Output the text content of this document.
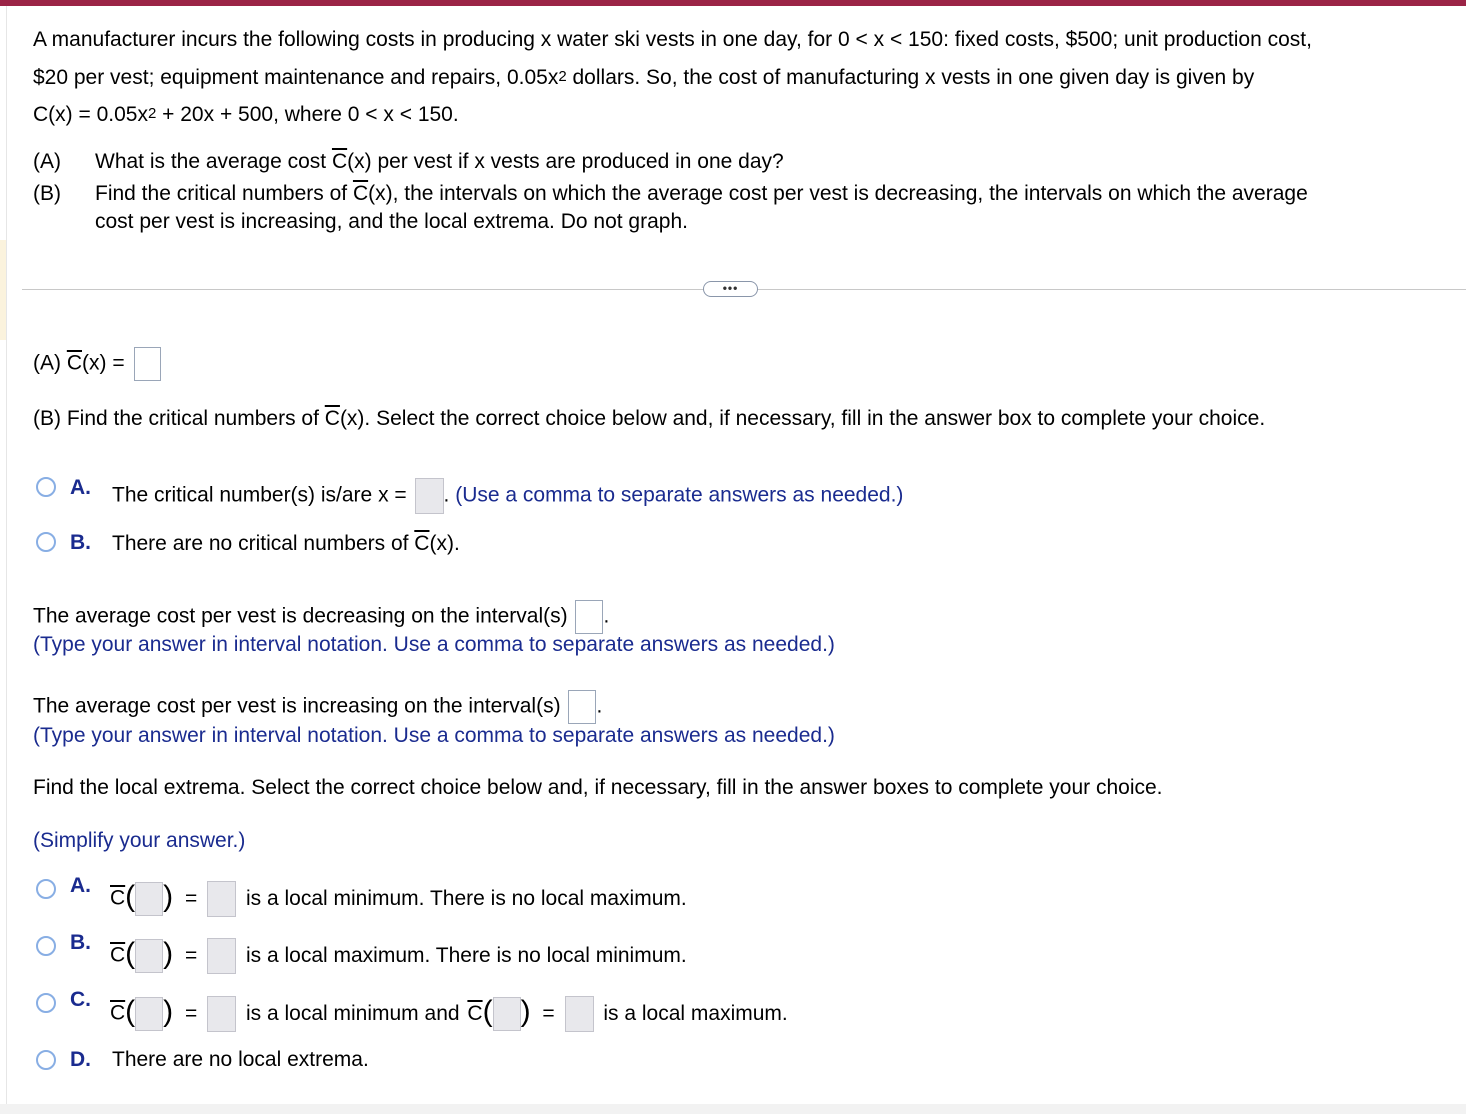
A manufacturer incurs the following costs in producing x water ski vests in one day, for 0 < x < 150: fixed costs, $500; unit production cost,
$20 per vest; equipment maintenance and repairs, $0.05x^2$ dollars. So, the cost of manufacturing x vests in one given day is given by
$C(x) = 0.05x^2 + 20x + 500$, where 0 < x < 150.
(A) What is the average cost $\overline{C}(x)$ per vest if x vests are produced in one day?
(B) Find the critical numbers of $\overline{C}(x)$, the intervals on which the average cost per vest is decreasing, the intervals on which the average
cost per vest is increasing, and the local extrema. Do not graph.
•••
(A) $\overline{C}(x)$ =
(B) Find the critical numbers of $\overline{C}(x)$. Select the correct choice below and, if necessary, fill in the answer box to complete your choice.
A. The critical number(s) is/are x = . (Use a comma to separate answers as needed.)
B. There are no critical numbers of $\overline{C}(x)$.
The average cost per vest is decreasing on the interval(s) .
(Type your answer in interval notation. Use a comma to separate answers as needed.)
The average cost per vest is increasing on the interval(s) .
(Type your answer in interval notation. Use a comma to separate answers as needed.)
Find the local extrema. Select the correct choice below and, if necessary, fill in the answer boxes to complete your choice.
(Simplify your answer.)
A.
$\overline{C}$( ) = is a local minimum. There is no local maximum.
B.
$\overline{C}$( ) = is a local maximum. There is no local minimum.
C.
$\overline{C}$( ) = is a local minimum and $\overline{C}$( ) = is a local maximum.
D. There are no local extrema.
